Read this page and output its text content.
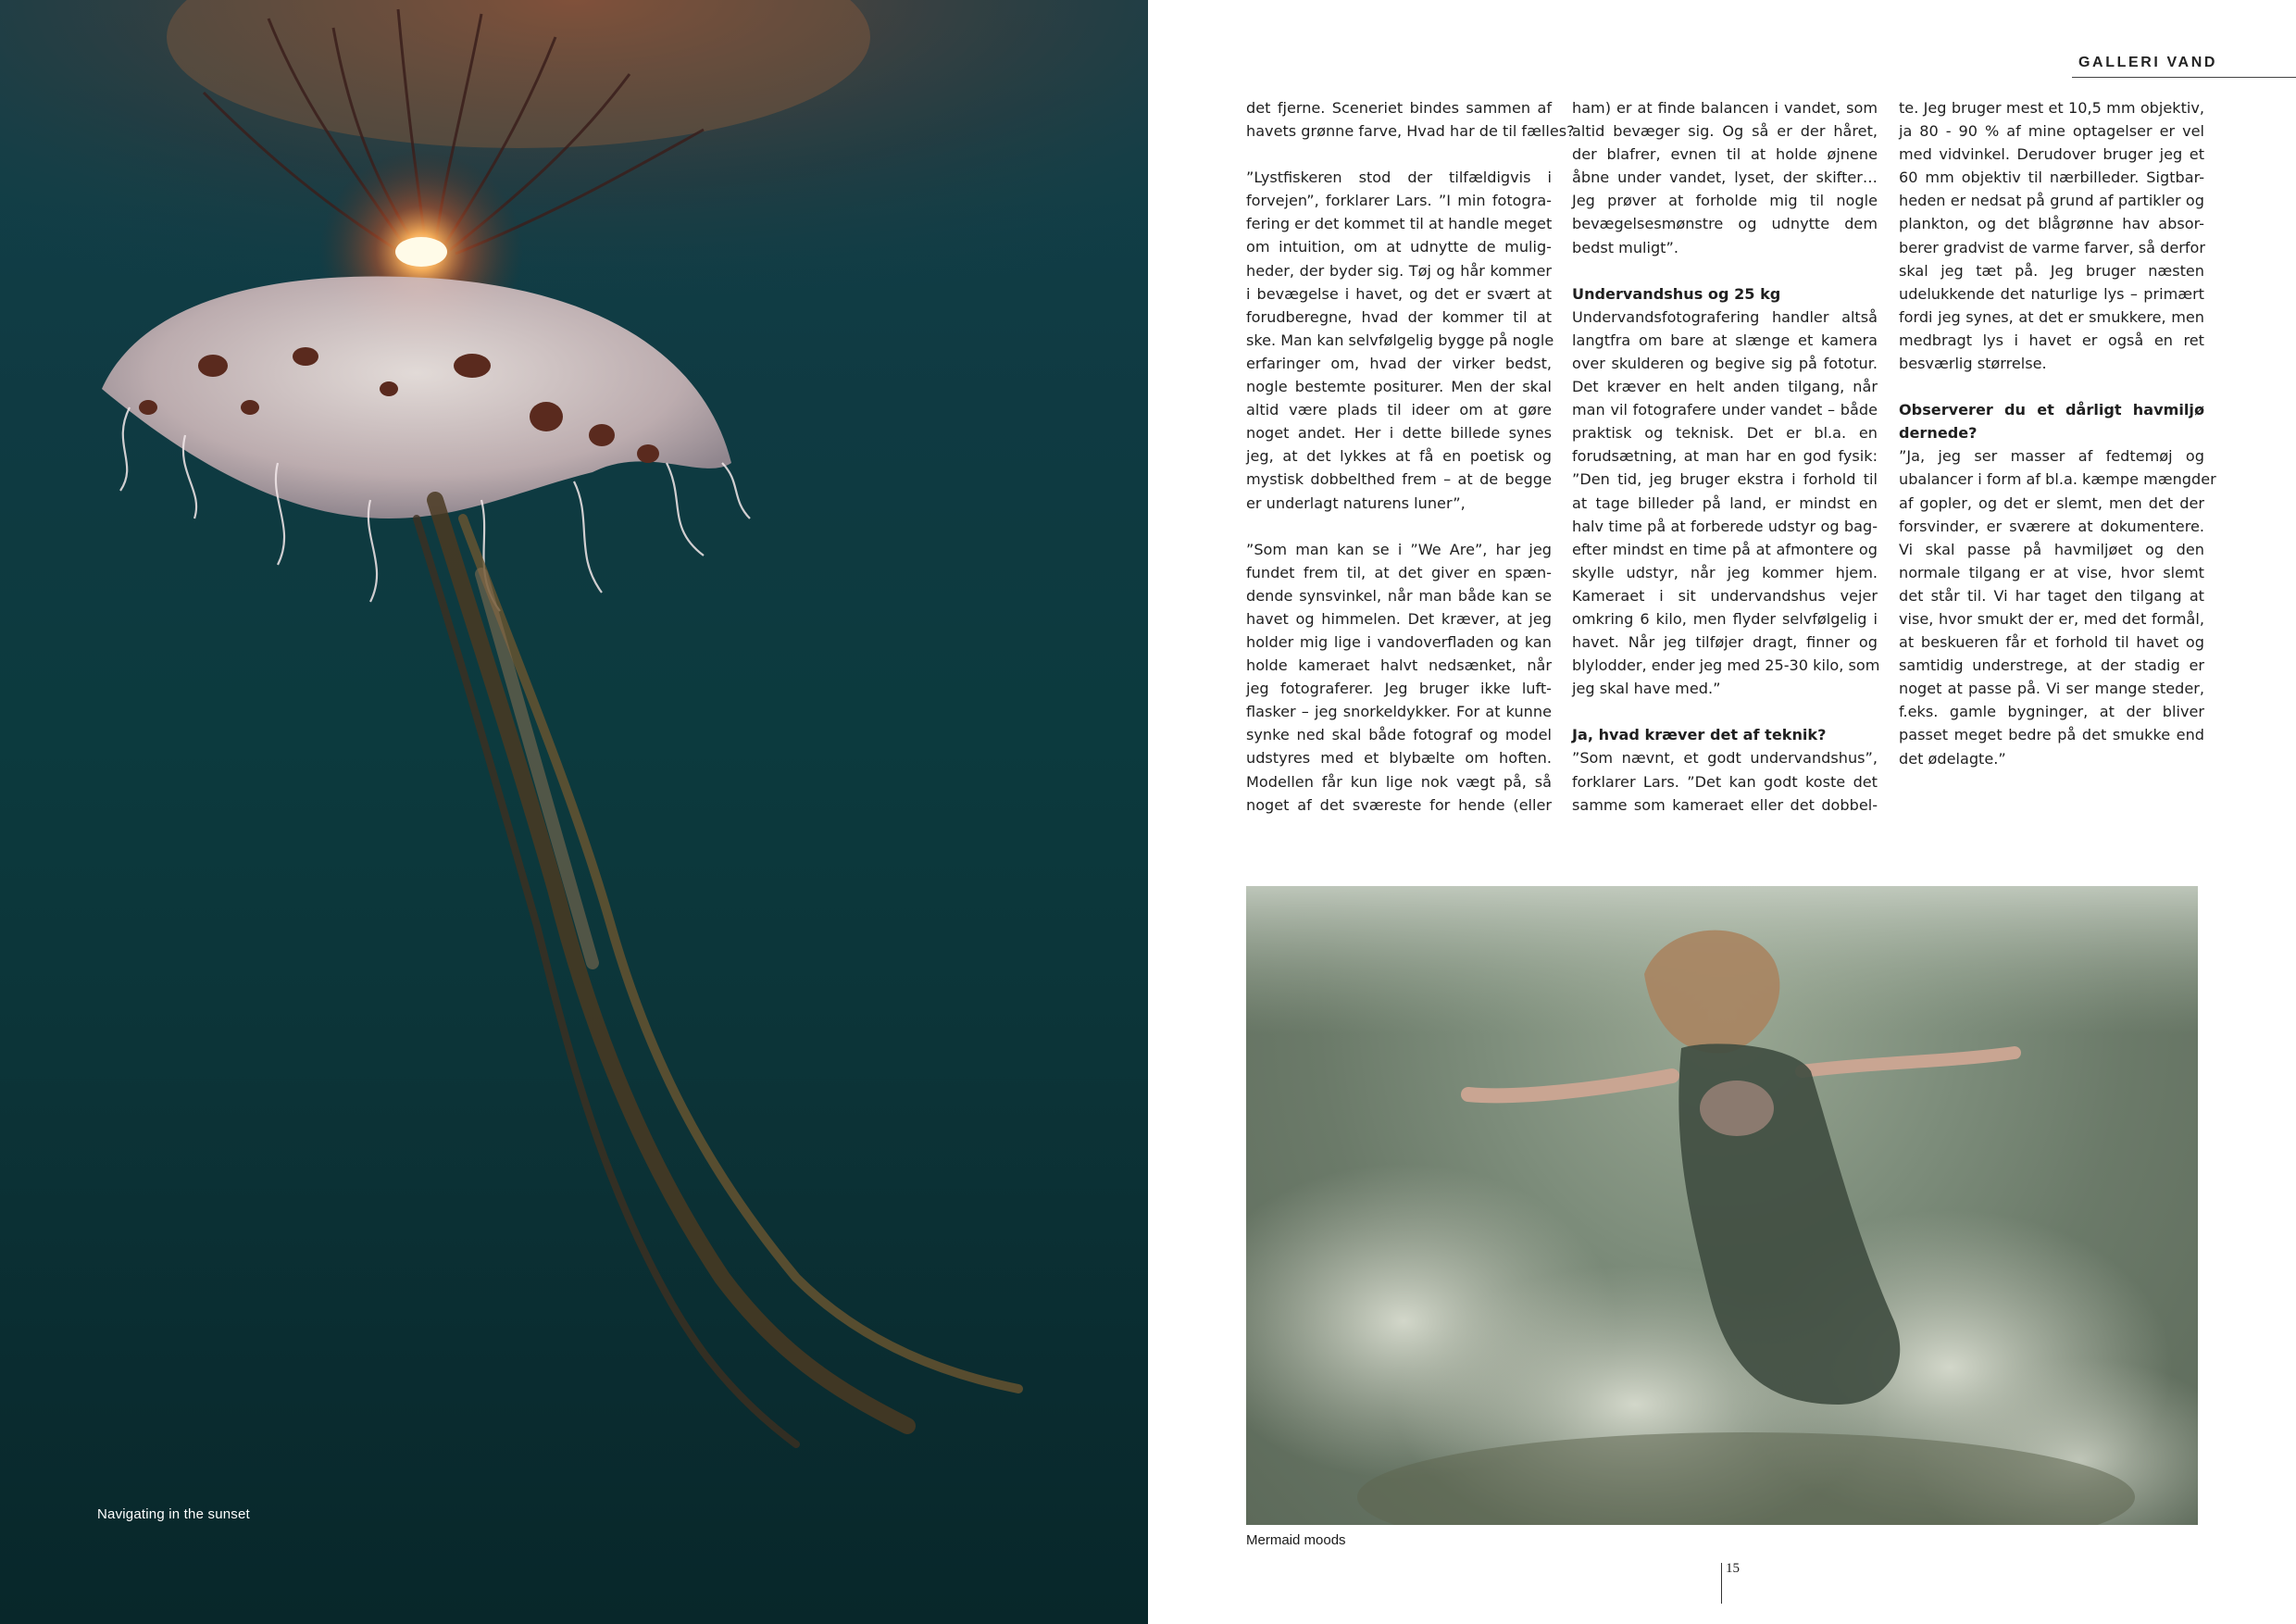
Navigating in the sunset
GALLERI VAND
det fjerne. Sceneriet bindes sammen af
havets grønne farve, Hvad har de til fælles?
”Lystfiskeren stod der tilfældigvis i
forvejen”, forklarer Lars. ”I min fotogra-
fering er det kommet til at handle meget
om intuition, om at udnytte de mulig-
heder, der byder sig. Tøj og hår kommer
i bevægelse i havet, og det er svært at
forudberegne, hvad der kommer til at
ske. Man kan selvfølgelig bygge på nogle
erfaringer om, hvad der virker bedst,
nogle bestemte positurer. Men der skal
altid være plads til ideer om at gøre
noget andet. Her i dette billede synes
jeg, at det lykkes at få en poetisk og
mystisk dobbelthed frem – at de begge
er underlagt naturens luner”,
”Som man kan se i ”We Are”, har jeg
fundet frem til, at det giver en spæn-
dende synsvinkel, når man både kan se
havet og himmelen. Det kræver, at jeg
holder mig lige i vandoverfladen og kan
holde kameraet halvt nedsænket, når
jeg fotograferer. Jeg bruger ikke luft-
flasker – jeg snorkeldykker. For at kunne
synke ned skal både fotograf og model
udstyres med et blybælte om hoften.
Modellen får kun lige nok vægt på, så
noget af det sværeste for hende (eller
ham) er at finde balancen i vandet, som
altid bevæger sig. Og så er der håret,
der blafrer, evnen til at holde øjnene
åbne under vandet, lyset, der skifter…
Jeg prøver at forholde mig til nogle
bevægelsesmønstre og udnytte dem
bedst muligt”.
Undervandshus og 25 kg
Undervandsfotografering handler altså
langtfra om bare at slænge et kamera
over skulderen og begive sig på fototur.
Det kræver en helt anden tilgang, når
man vil fotografere under vandet – både
praktisk og teknisk. Det er bl.a. en
forudsætning, at man har en god fysik:
”Den tid, jeg bruger ekstra i forhold til
at tage billeder på land, er mindst en
halv time på at forberede udstyr og bag-
efter mindst en time på at afmontere og
skylle udstyr, når jeg kommer hjem.
Kameraet i sit undervandshus vejer
omkring 6 kilo, men flyder selvfølgelig i
havet. Når jeg tilføjer dragt, finner og
blylodder, ender jeg med 25-30 kilo, som
jeg skal have med.”
Ja, hvad kræver det af teknik?
”Som nævnt, et godt undervandshus”,
forklarer Lars. ”Det kan godt koste det
samme som kameraet eller det dobbel-
te. Jeg bruger mest et 10,5 mm objektiv,
ja 80 - 90 % af mine optagelser er vel
med vidvinkel. Derudover bruger jeg et
60 mm objektiv til nærbilleder. Sigtbar-
heden er nedsat på grund af partikler og
plankton, og det blågrønne hav absor-
berer gradvist de varme farver, så derfor
skal jeg tæt på. Jeg bruger næsten
udelukkende det naturlige lys – primært
fordi jeg synes, at det er smukkere, men
medbragt lys i havet er også en ret
besværlig størrelse.
Observerer du et dårligt havmiljø dernede?
”Ja, jeg ser masser af fedtemøj og
ubalancer i form af bl.a. kæmpe mængder
af gopler, og det er slemt, men det der
forsvinder, er sværere at dokumentere.
Vi skal passe på havmiljøet og den
normale tilgang er at vise, hvor slemt
det står til. Vi har taget den tilgang at
vise, hvor smukt der er, med det formål,
at beskueren får et forhold til havet og
samtidig understrege, at der stadig er
noget at passe på. Vi ser mange steder,
f.eks. gamle bygninger, at der bliver
passet meget bedre på det smukke end
det ødelagte.”
Mermaid moods
15
